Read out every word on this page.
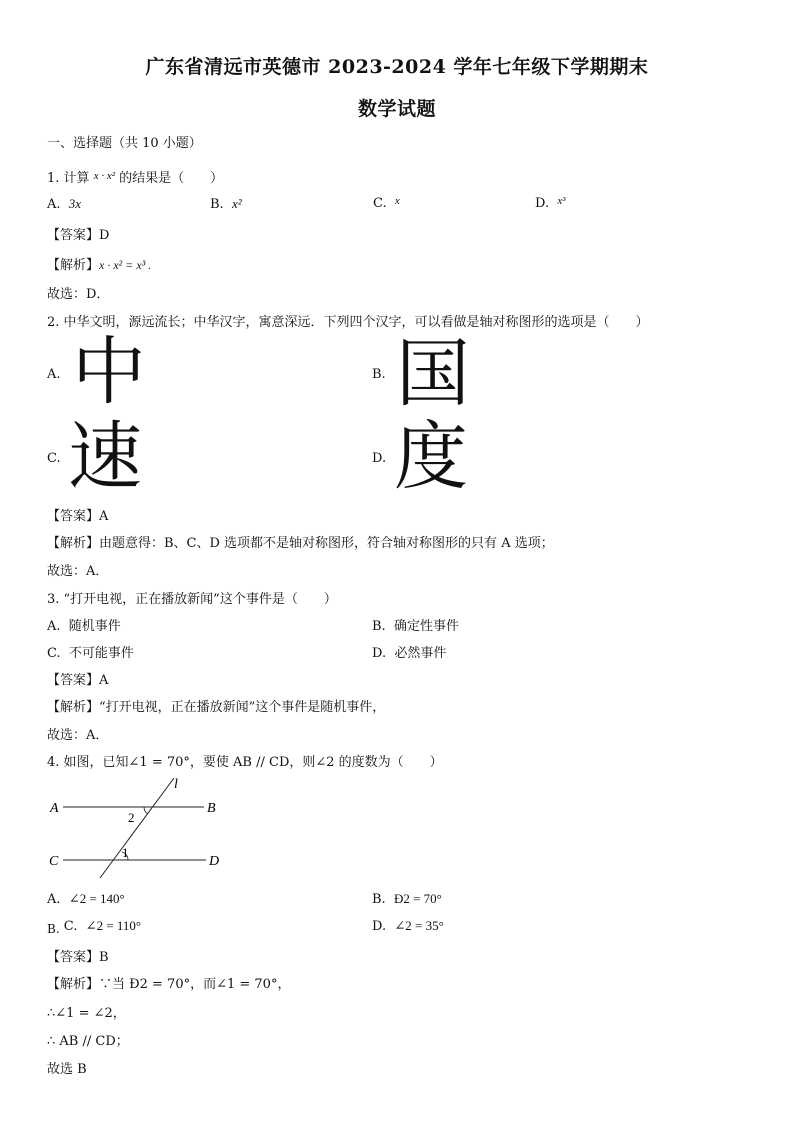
广东省清远市英德市 2023-2024 学年七年级下学期期末
数学试题
一、选择题（共 10 小题）
1. 计算 $^{x \cdot x^2}$ 的结果是（　　）
A. 3x	B. x²	C. $^x$	D. $^{x^3}$
【答案】D
【解析】x · x² = x³ .
故选：D．
2. 中华文明，源远流长；中华汉字，寓意深远．下列四个汉字，可以看做是轴对称图形的选项是（　　）
A. 中	B. 国
C. 速	D. 度
【答案】A
【解析】由题意得：B、C、D 选项都不是轴对称图形，符合轴对称图形的只有 A 选项；
故选：A．
3. “打开电视，正在播放新闻”这个事件是（　　）
A. 随机事件	B. 确定性事件
C. 不可能事件	D. 必然事件
【答案】A
【解析】“打开电视，正在播放新闻”这个事件是随机事件，
故选：A．
4. 如图，已知∠1 = 70°，要使 AB // CD，则∠2 的度数为（　　）
A	B
C	D
l
1
2
A. ∠2 = 140°	B. Ð2 = 70°
B. C. ∠2 = 110°	D. ∠2 = 35°
【答案】B
【解析】∵当 Ð2 = 70°，而∠1 = 70°，
∴∠1 = ∠2，
∴ AB // CD；
故选 B
